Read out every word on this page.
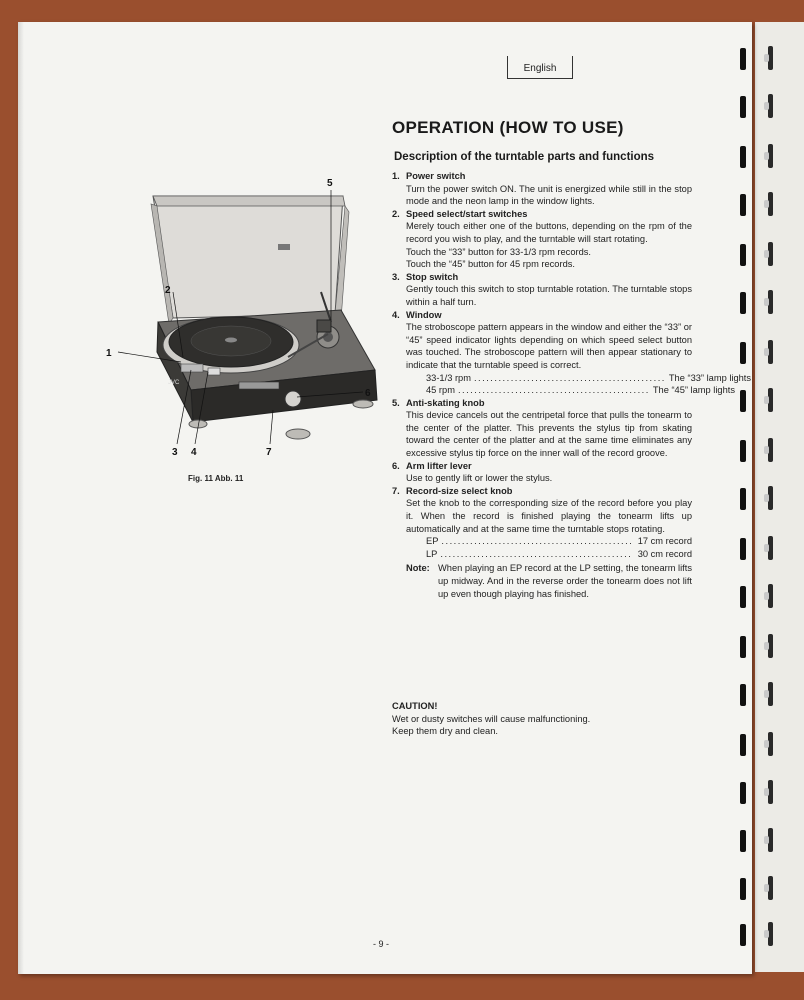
English
JVC
1
2
3 4
5
6
7
Fig. 11 Abb. 11
OPERATION (HOW TO USE)
Description of the turntable parts and functions
1. Power switch
Turn the power switch ON. The unit is energized while still in the stop mode and the neon lamp in the window lights.
2. Speed select/start switches
Merely touch either one of the buttons, depending on the rpm of the record you wish to play, and the turntable will start rotating.
Touch the “33” button for 33-1/3 rpm records.
Touch the “45” button for 45 rpm records.
3. Stop switch
Gently touch this switch to stop turntable rotation. The turntable stops within a half turn.
4. Window
The stroboscope pattern appears in the window and either the “33” or “45” speed indicator lights depending on which speed select button was touched. The stroboscope pattern will then appear stationary to indicate that the turntable speed is correct.
33-1/3 rpm ............................................... The “33” lamp lights
45 rpm ............................................... The “45” lamp lights
5. Anti-skating knob
This device cancels out the centripetal force that pulls the tonearm to the center of the platter. This prevents the stylus tip from skating toward the center of the platter and at the same time eliminates any excessive stylus tip force on the inner wall of the record groove.
6. Arm lifter lever
Use to gently lift or lower the stylus.
7. Record-size select knob
Set the knob to the corresponding size of the record before you play it. When the record is finished playing the tonearm lifts up automatically and at the same time the turntable stops rotating.
EP ............................................... 17 cm record
LP ............................................... 30 cm record
Note: When playing an EP record at the LP setting, the tonearm lifts up midway. And in the reverse order the tonearm does not lift up even though playing has finished.
CAUTION!
Wet or dusty switches will cause malfunctioning.
Keep them dry and clean.
- 9 -
